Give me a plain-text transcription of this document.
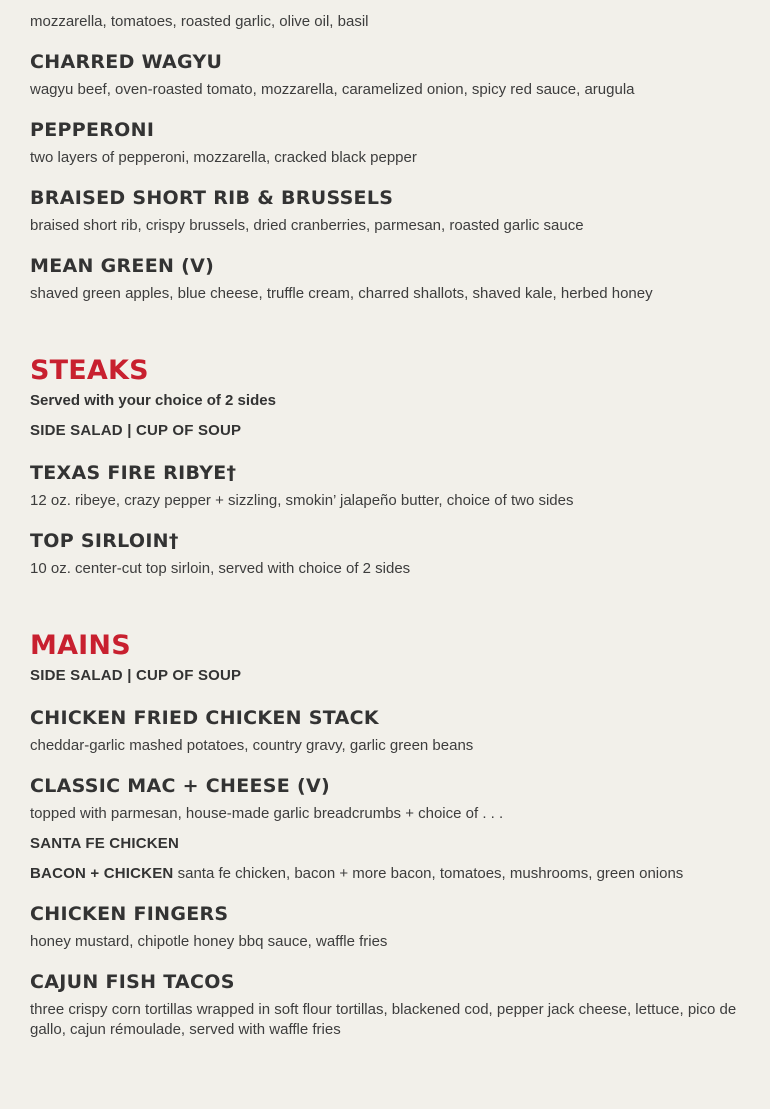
mozzarella, tomatoes, roasted garlic, olive oil, basil

CHARRED WAGYU

wagyu beef, oven-roasted tomato, mozzarella, caramelized onion, spicy red sauce, arugula

PEPPERONI

two layers of pepperoni, mozzarella, cracked black pepper

BRAISED SHORT RIB & BRUSSELS

braised short rib, crispy brussels, dried cranberries, parmesan, roasted garlic sauce

MEAN GREEN (V)

shaved green apples, blue cheese, truffle cream, charred shallots, shaved kale, herbed honey

STEAKS

Served with your choice of 2 sides

SIDE SALAD | CUP OF SOUP

TEXAS FIRE RIBYE†

12 oz. ribeye, crazy pepper + sizzling, smokin’ jalapeño butter, choice of two sides

TOP SIRLOIN†

10 oz. center-cut top sirloin, served with choice of 2 sides

MAINS

SIDE SALAD | CUP OF SOUP

CHICKEN FRIED CHICKEN STACK

cheddar-garlic mashed potatoes, country gravy, garlic green beans

CLASSIC MAC + CHEESE (V)

topped with parmesan, house-made garlic breadcrumbs + choice of . . .

SANTA FE CHICKEN

BACON + CHICKEN santa fe chicken, bacon + more bacon, tomatoes, mushrooms, green onions

CHICKEN FINGERS

honey mustard, chipotle honey bbq sauce, waffle fries

CAJUN FISH TACOS

three crispy corn tortillas wrapped in soft flour tortillas, blackened cod, pepper jack cheese, lettuce, pico de gallo, cajun rémoulade, served with waffle fries
